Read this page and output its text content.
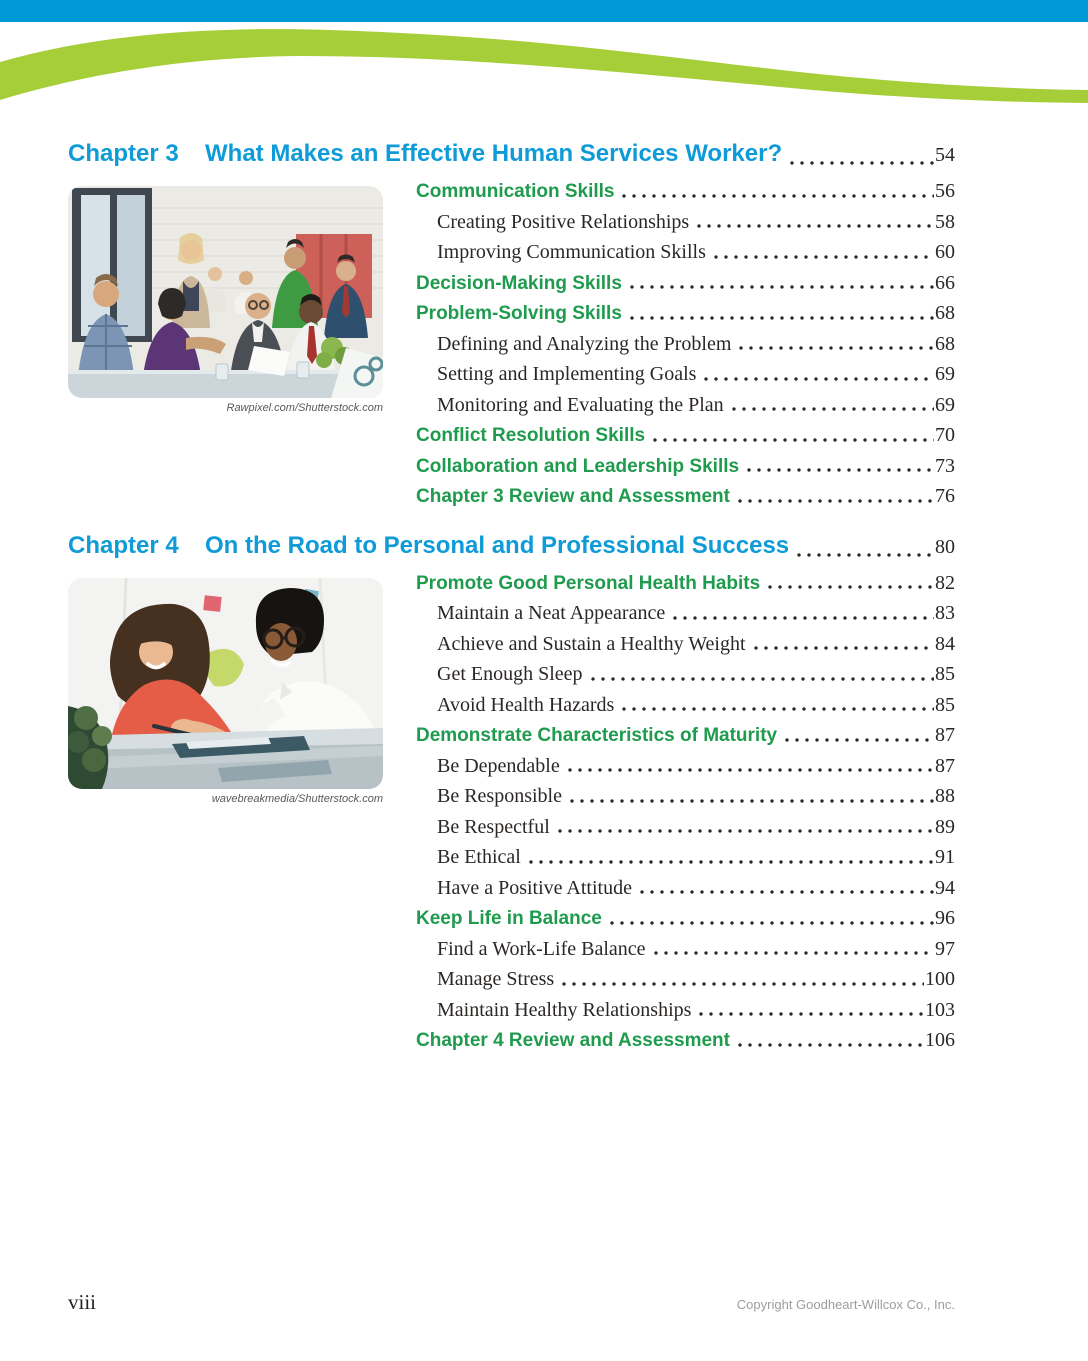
Chapter 3	What Makes an Effective Human Services Worker?	54
Rawpixel.com/Shutterstock.com
Communication Skills	56
Creating Positive Relationships	58
Improving Communication Skills	60
Decision-Making Skills	66
Problem-Solving Skills	68
Defining and Analyzing the Problem	68
Setting and Implementing Goals	69
Monitoring and Evaluating the Plan	69
Conflict Resolution Skills	70
Collaboration and Leadership Skills	73
Chapter 3 Review and Assessment	76
Chapter 4	On the Road to Personal and Professional Success	80
wavebreakmedia/Shutterstock.com
Promote Good Personal Health Habits	82
Maintain a Neat Appearance	83
Achieve and Sustain a Healthy Weight	84
Get Enough Sleep	85
Avoid Health Hazards	85
Demonstrate Characteristics of Maturity	87
Be Dependable	87
Be Responsible	88
Be Respectful	89
Be Ethical	91
Have a Positive Attitude	94
Keep Life in Balance	96
Find a Work-Life Balance	97
Manage Stress	100
Maintain Healthy Relationships	103
Chapter 4 Review and Assessment	106
viii	Copyright Goodheart-Willcox Co., Inc.
